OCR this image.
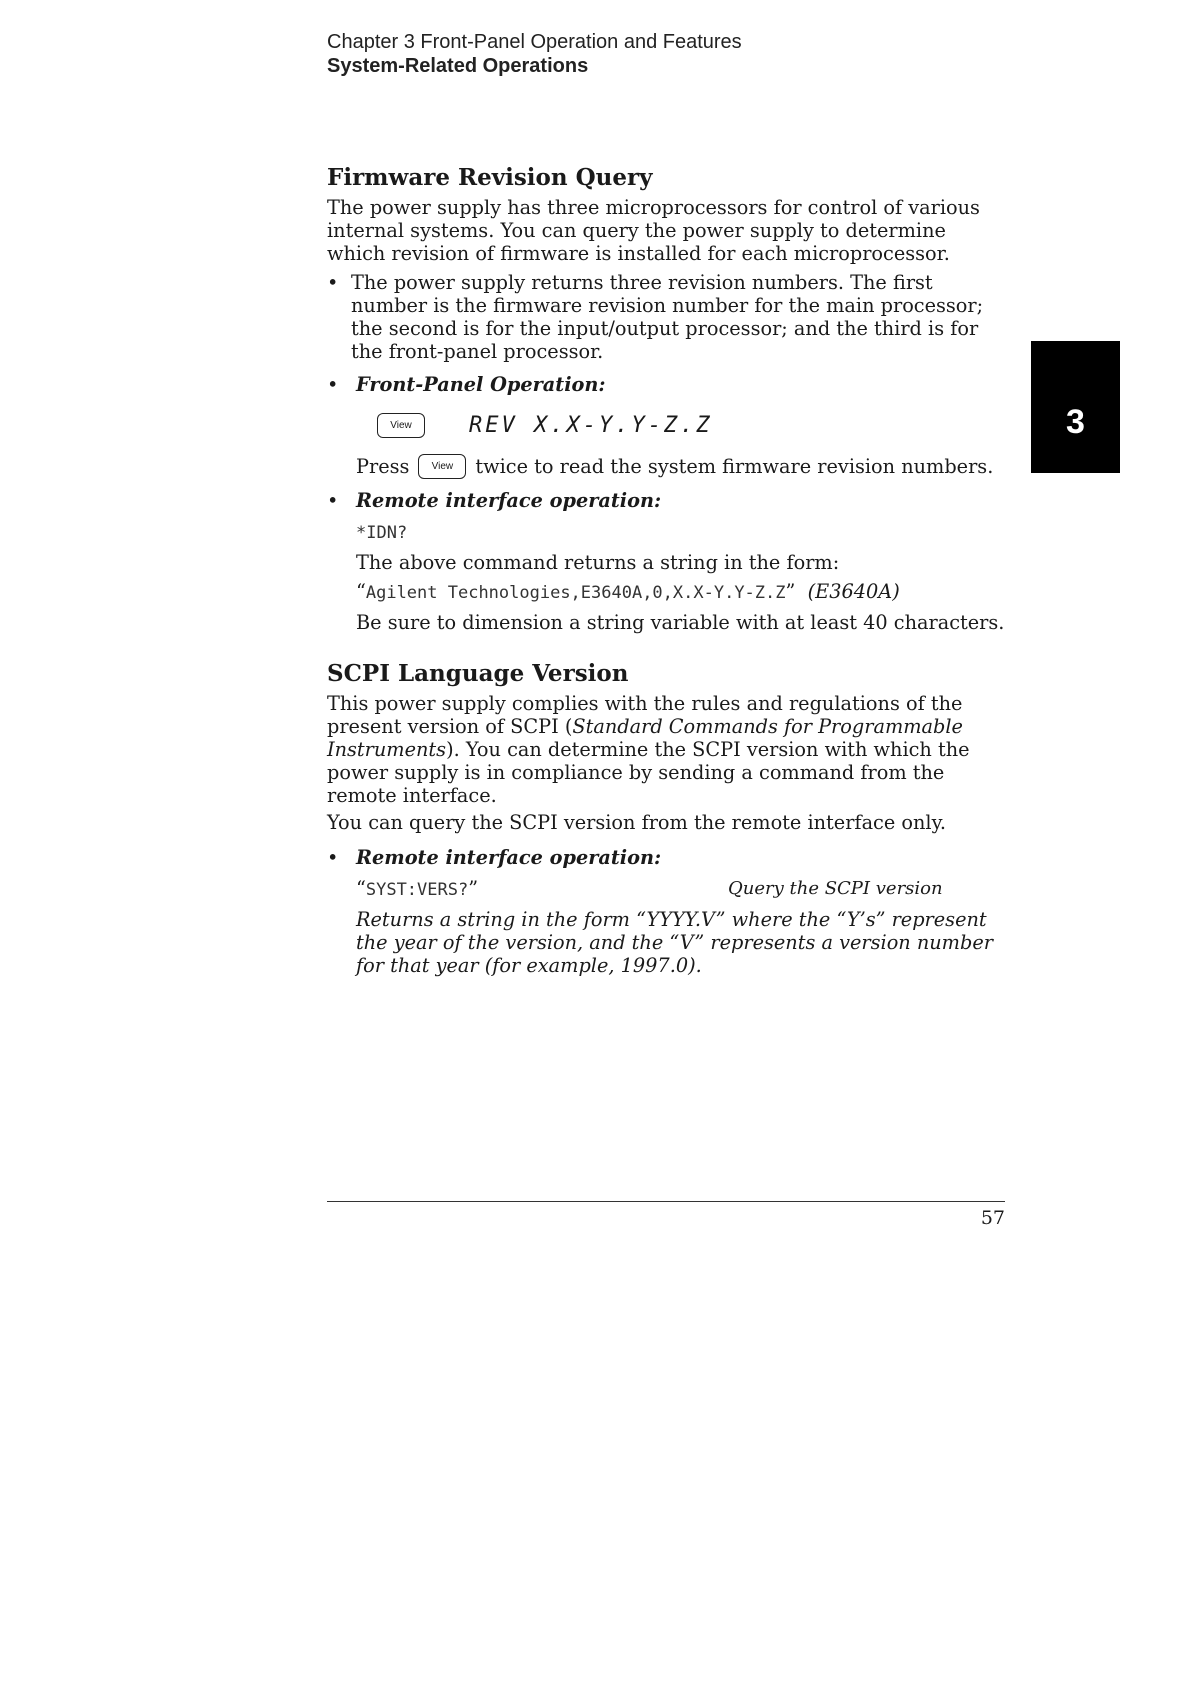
Chapter 3 Front-Panel Operation and Features
System-Related Operations
Firmware Revision Query

The power supply has three microprocessors for control of various internal systems. You can query the power supply to determine which revision of firmware is installed for each microprocessor.

• The power supply returns three revision numbers. The first number is the firmware revision number for the main processor; the second is for the input/output processor; and the third is for the front-panel processor.
• Front-Panel Operation:
View	REV X.X-Y.Y-Z.Z
Press	View	twice to read the system firmware revision numbers.
• Remote interface operation:

*IDN?

The above command returns a string in the form:

“Agilent Technologies,E3640A,0,X.X-Y.Y-Z.Z” (E3640A)

Be sure to dimension a string variable with at least 40 characters.

SCPI Language Version

This power supply complies with the rules and regulations of the present version of SCPI (Standard Commands for Programmable Instruments). You can determine the SCPI version with which the power supply is in compliance by sending a command from the remote interface.

You can query the SCPI version from the remote interface only.

• Remote interface operation:
“SYST:VERS?”	Query the SCPI version

Returns a string in the form “YYYY.V” where the “Y’s” represent the year of the version, and the “V” represents a version number for that year (for example, 1997.0).

3
57
